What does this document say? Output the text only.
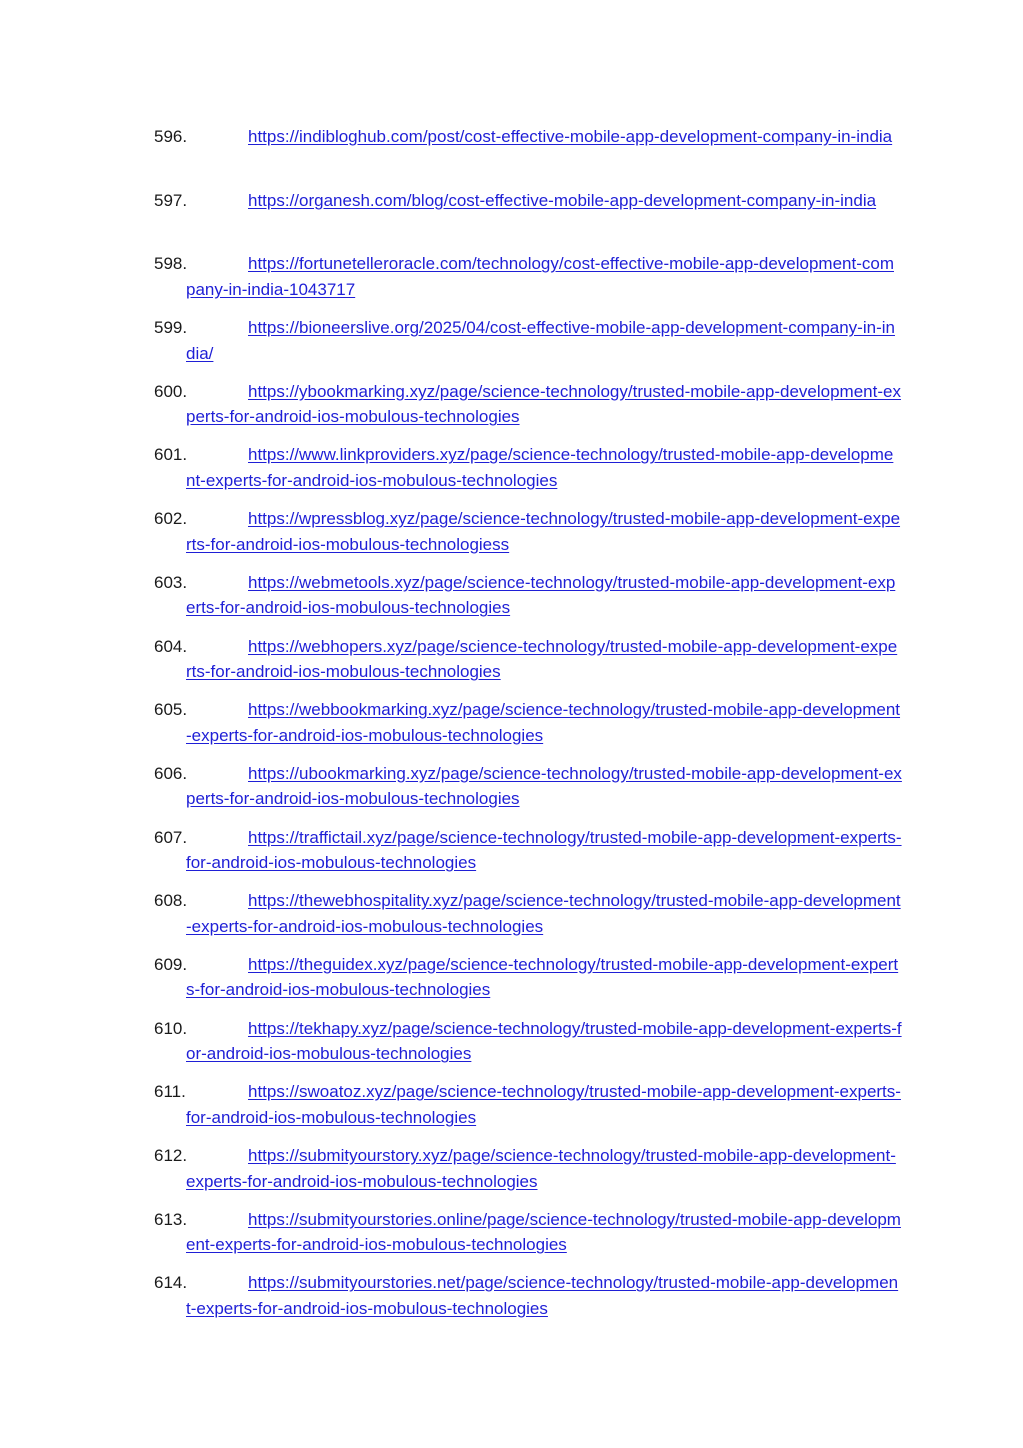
596.	https://indibloghub.com/post/cost-effective-mobile-app-development-company-in-india
597.	https://organesh.com/blog/cost-effective-mobile-app-development-company-in-india
598.	https://fortunetelleroracle.com/technology/cost-effective-mobile-app-development-company-in-india-1043717
599.	https://bioneerslive.org/2025/04/cost-effective-mobile-app-development-company-in-india/
600.	https://ybookmarking.xyz/page/science-technology/trusted-mobile-app-development-experts-for-android-ios-mobulous-technologies
601.	https://www.linkproviders.xyz/page/science-technology/trusted-mobile-app-development-experts-for-android-ios-mobulous-technologies
602.	https://wpressblog.xyz/page/science-technology/trusted-mobile-app-development-experts-for-android-ios-mobulous-technologiess
603.	https://webmetools.xyz/page/science-technology/trusted-mobile-app-development-experts-for-android-ios-mobulous-technologies
604.	https://webhopers.xyz/page/science-technology/trusted-mobile-app-development-experts-for-android-ios-mobulous-technologies
605.	https://webbookmarking.xyz/page/science-technology/trusted-mobile-app-development-experts-for-android-ios-mobulous-technologies
606.	https://ubookmarking.xyz/page/science-technology/trusted-mobile-app-development-experts-for-android-ios-mobulous-technologies
607.	https://traffictail.xyz/page/science-technology/trusted-mobile-app-development-experts-for-android-ios-mobulous-technologies
608.	https://thewebhospitality.xyz/page/science-technology/trusted-mobile-app-development-experts-for-android-ios-mobulous-technologies
609.	https://theguidex.xyz/page/science-technology/trusted-mobile-app-development-experts-for-android-ios-mobulous-technologies
610.	https://tekhapy.xyz/page/science-technology/trusted-mobile-app-development-experts-for-android-ios-mobulous-technologies
611.	https://swoatoz.xyz/page/science-technology/trusted-mobile-app-development-experts-for-android-ios-mobulous-technologies
612.	https://submityourstory.xyz/page/science-technology/trusted-mobile-app-development-experts-for-android-ios-mobulous-technologies
613.	https://submityourstories.online/page/science-technology/trusted-mobile-app-development-experts-for-android-ios-mobulous-technologies
614.	https://submityourstories.net/page/science-technology/trusted-mobile-app-development-experts-for-android-ios-mobulous-technologies
